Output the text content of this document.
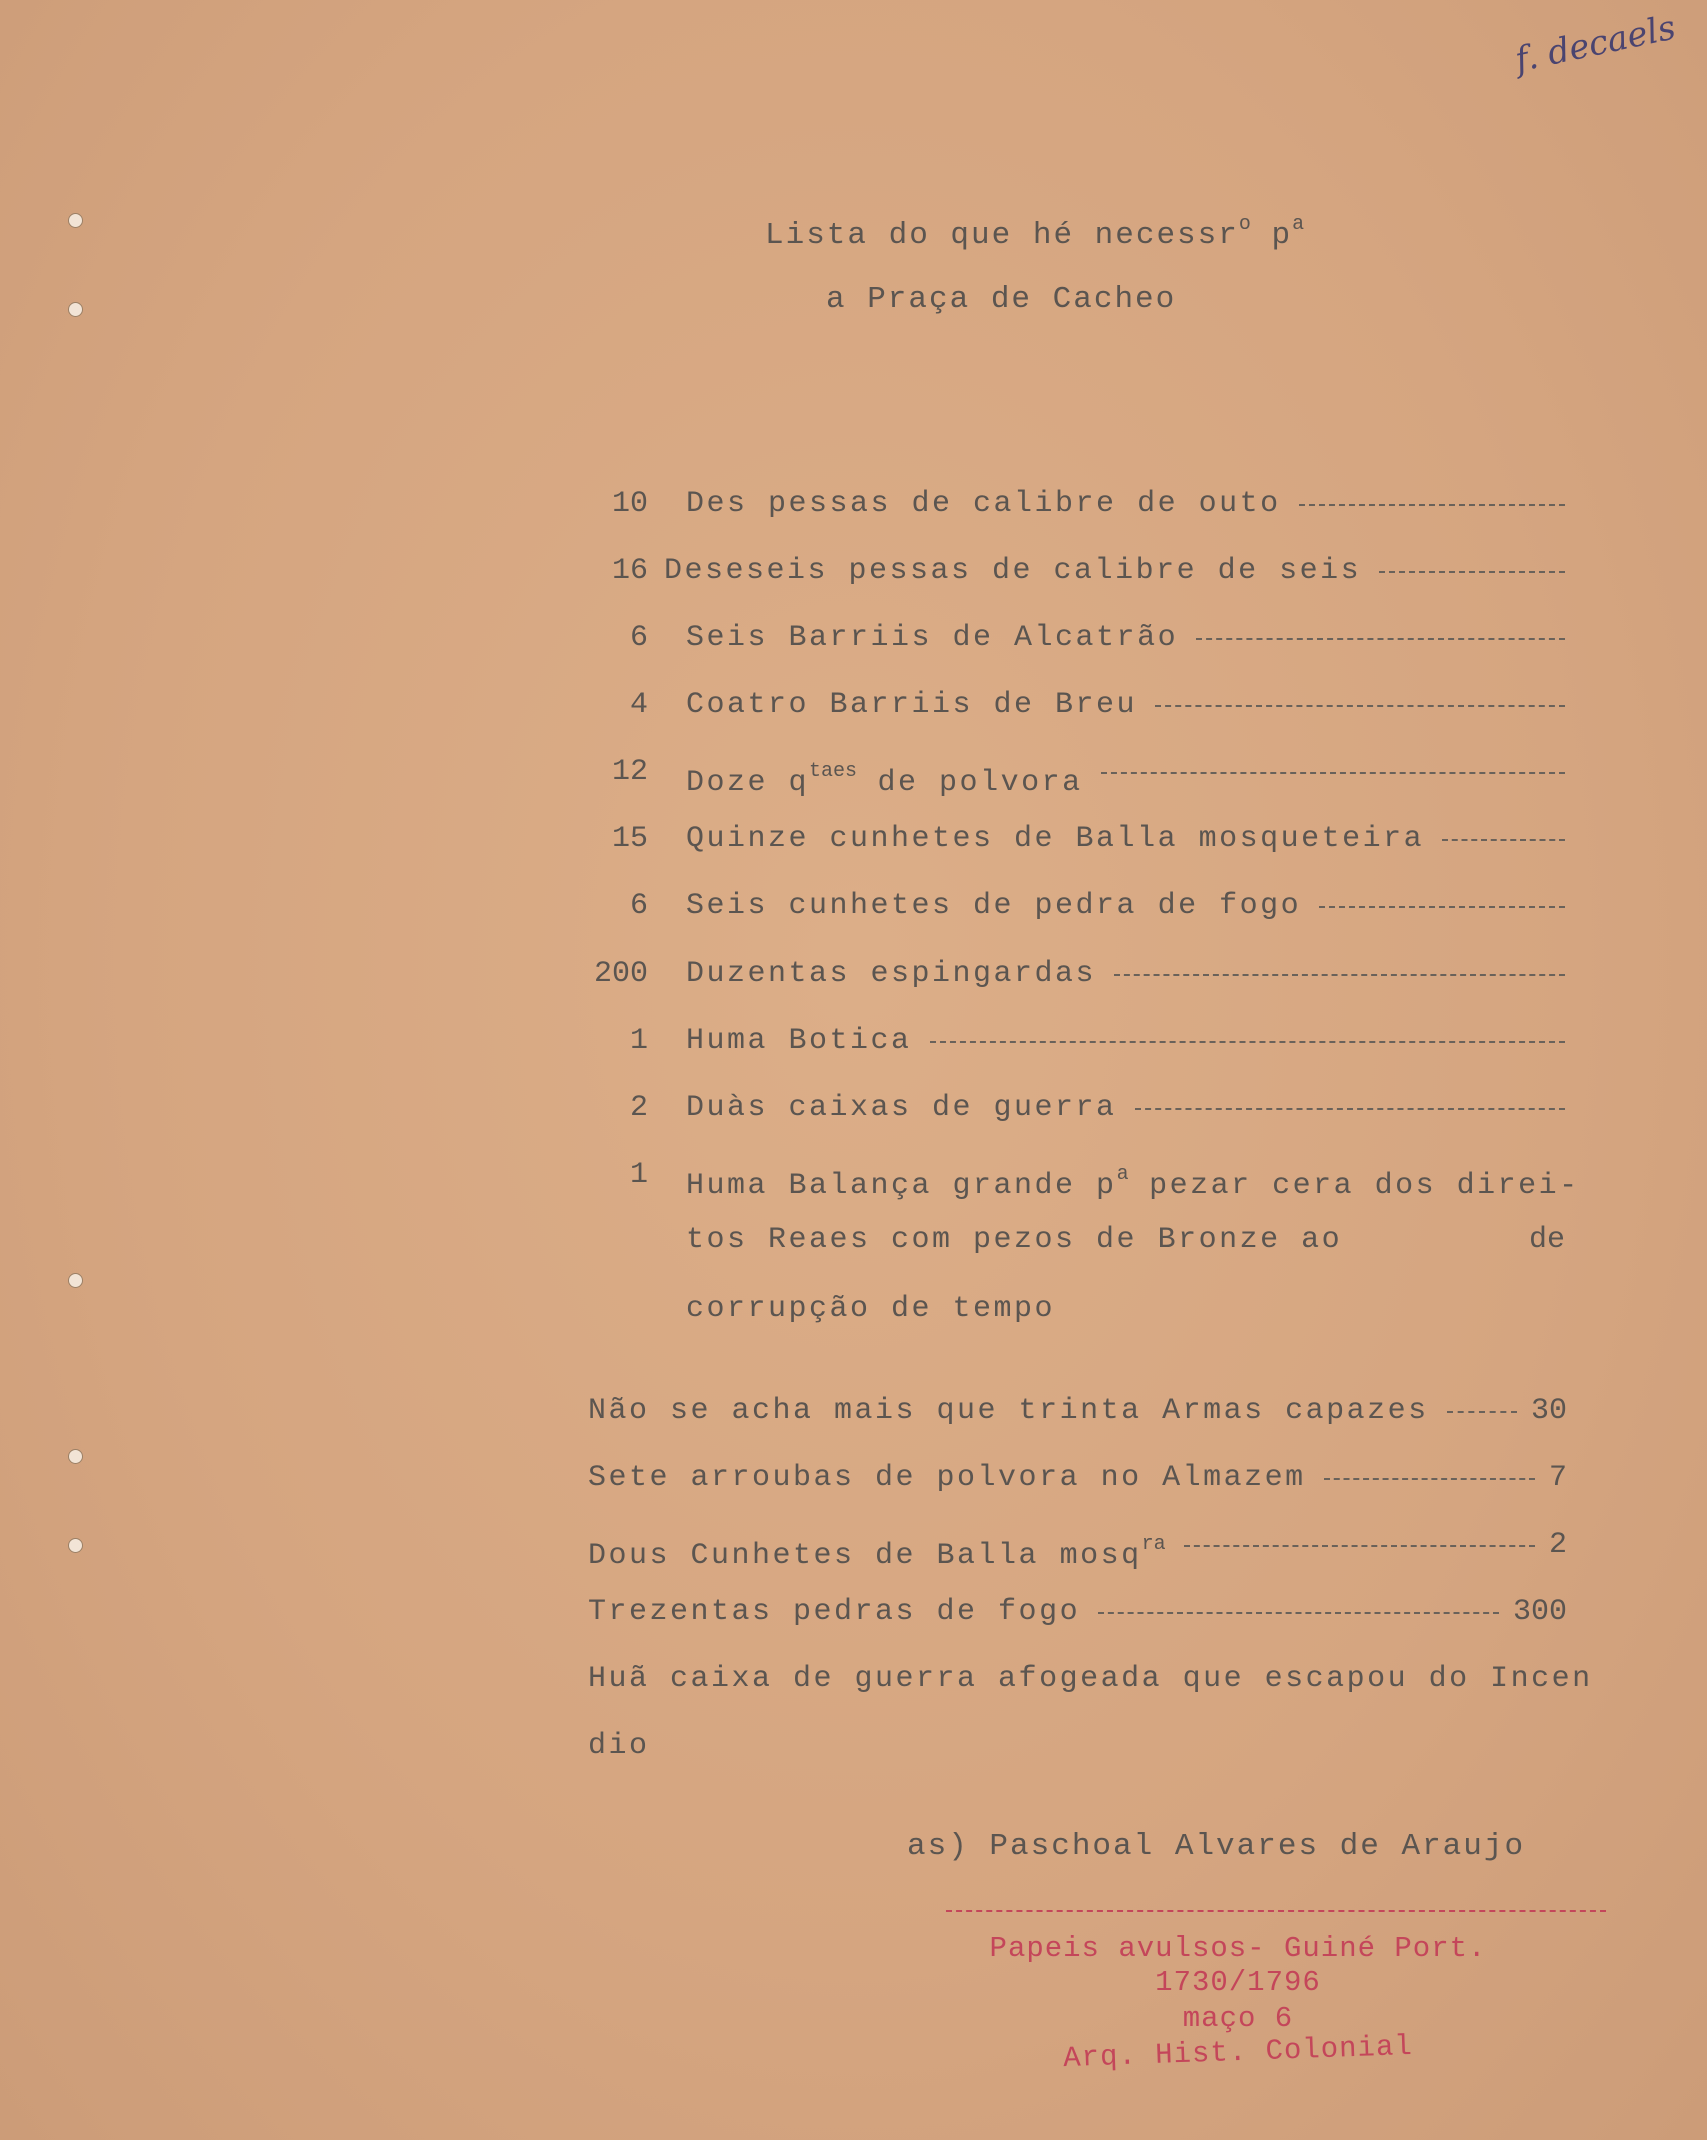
f. decaels
Lista do que hé necessr$^o$ $p^a$
a Praça de Cacheo
10 Des pessas de calibre de outo
16 Deseseis pessas de calibre de seis
6 Seis Barriis de Alcatrão
4 Coatro Barriis de Breu
12 Doze $q^{taes}$ de polvora
15 Quinze cunhetes de Balla mosqueteira
6 Seis cunhetes de pedra de fogo
200 Duzentas espingardas
1 Huma Botica
2 Duàs caixas de guerra
1 Huma Balança grande $p^a$ pezar cera dos direi-
tos Reaes com pezos de Bronze ao	de
corrupção de tempo
Não se acha mais que trinta Armas capazes	30
Sete arroubas de polvora no Almazem	7
Dous Cunhetes de Balla mosq$^{ra}$	2
Trezentas pedras de fogo	300
Huã caixa de guerra afogeada que escapou do Incen
dio
as) Paschoal Alvares de Araujo
Papeis avulsos- Guiné Port.
1730/1796
maço 6
Arq. Hist. Colonial
